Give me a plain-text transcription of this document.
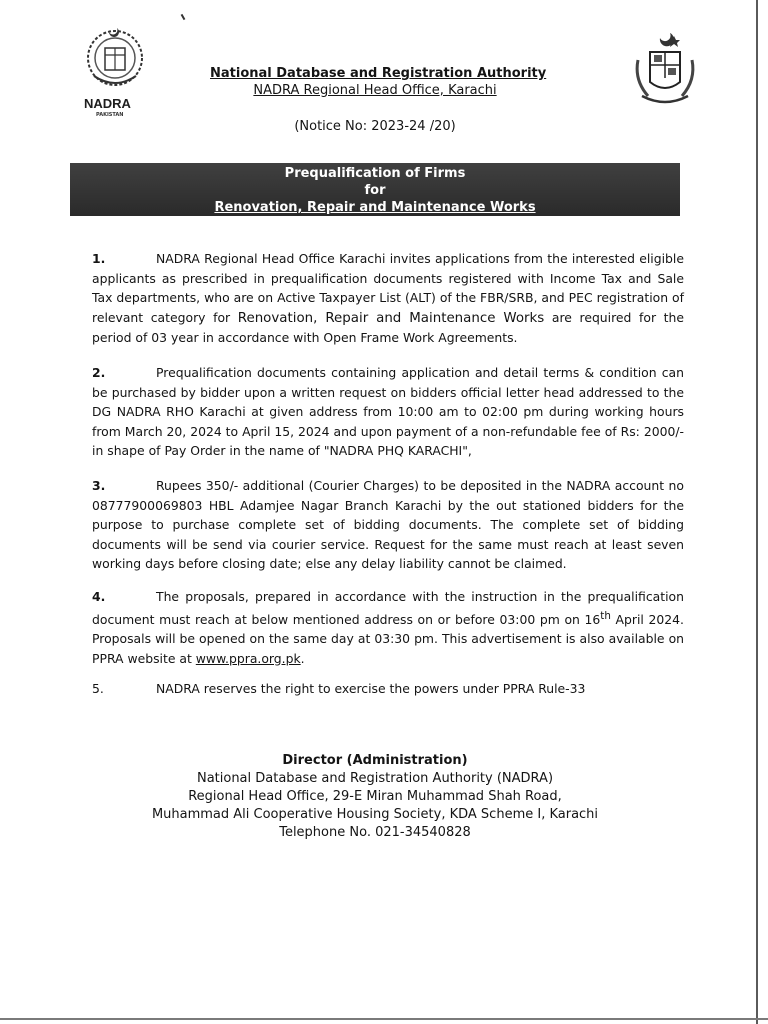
NADRA
PAKISTAN
National Database and Registration Authority
NADRA Regional Head Office, Karachi
(Notice No: 2023-24 /20)
Prequalification of Firms
for
Renovation, Repair and Maintenance Works
1.	NADRA Regional Head Office Karachi invites applications from the interested eligible applicants as prescribed in prequalification documents registered with Income Tax and Sale Tax departments, who are on Active Taxpayer List (ALT) of the FBR/SRB, and PEC registration of relevant category for Renovation, Repair and Maintenance Works are required for the period of 03 year in accordance with Open Frame Work Agreements.
2.	Prequalification documents containing application and detail terms & condition can be purchased by bidder upon a written request on bidders official letter head addressed to the DG NADRA RHO Karachi at given address from 10:00 am to 02:00 pm during working hours from March 20, 2024 to April 15, 2024 and upon payment of a non-refundable fee of Rs: 2000/- in shape of Pay Order in the name of "NADRA PHQ KARACHI",
3.	Rupees 350/- additional (Courier Charges) to be deposited in the NADRA account no 08777900069803 HBL Adamjee Nagar Branch Karachi by the out stationed bidders for the purpose to purchase complete set of bidding documents. The complete set of bidding documents will be send via courier service. Request for the same must reach at least seven working days before closing date; else any delay liability cannot be claimed.
4.	The proposals, prepared in accordance with the instruction in the prequalification document must reach at below mentioned address on or before 03:00 pm on 16th April 2024. Proposals will be opened on the same day at 03:30 pm. This advertisement is also available on PPRA website at www.ppra.org.pk.
5.	NADRA reserves the right to exercise the powers under PPRA Rule-33
Director (Administration)
National Database and Registration Authority (NADRA)
Regional Head Office, 29-E Miran Muhammad Shah Road,
Muhammad Ali Cooperative Housing Society, KDA Scheme I, Karachi
Telephone No. 021-34540828
